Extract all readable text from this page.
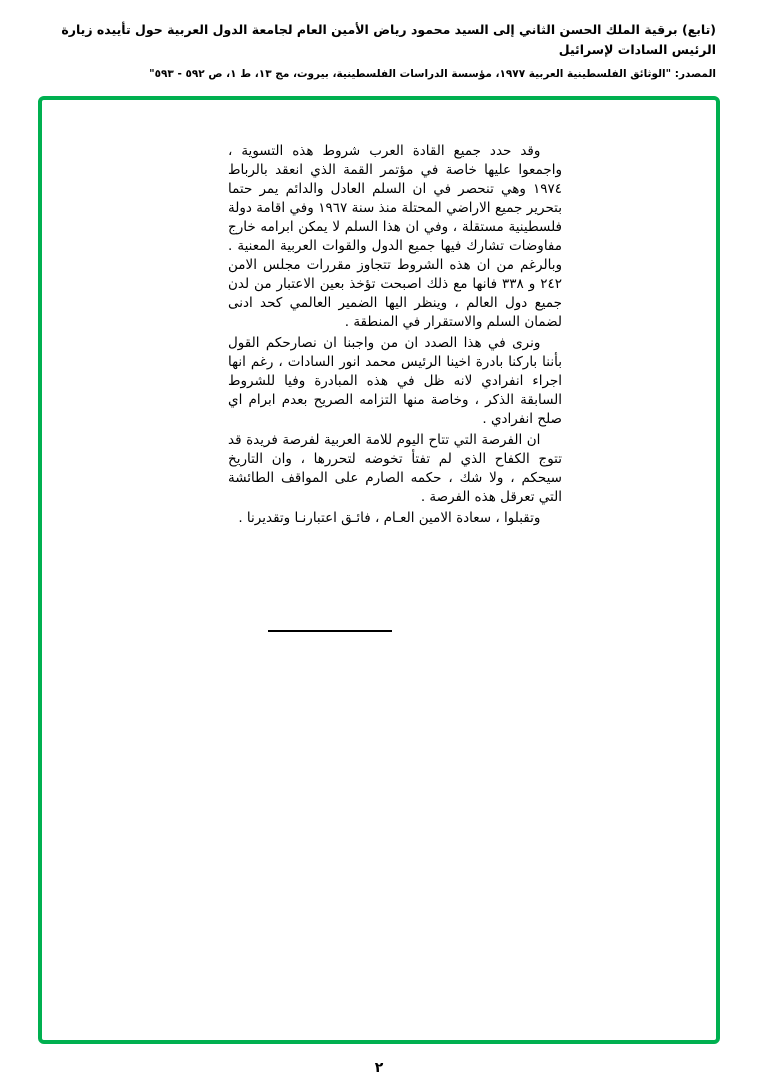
(تابع) برقية الملك الحسن الثاني إلى السيد محمود رياض الأمين العام لجامعة الدول العربية حول تأييده زيارة الرئيس السادات لإسرائيل
المصدر: "الوثائق الفلسطينية العربية ١٩٧٧، مؤسسة الدراسات الفلسطينية، بيروت، مج ١٣، ط ١، ص ٥٩٢ - ٥٩٣"

وقد حدد جميع القادة العرب شروط هذه التسوية ، واجمعوا عليها خاصة في مؤتمر القمة الذي انعقد بالرباط ١٩٧٤ وهي تنحصر في ان السلم العادل والدائم يمر حتما بتحرير جميع الاراضي المحتلة منذ سنة ١٩٦٧ وفي اقامة دولة فلسطينية مستقلة ، وفي ان هذا السلم لا يمكن ابرامه خارج مفاوضات تشارك فيها جميع الدول والقوات العربية المعنية . وبالرغم من ان هذه الشروط تتجاوز مقررات مجلس الامن ٢٤٢ و ٣٣٨ فانها مع ذلك اصبحت تؤخذ بعين الاعتبار من لدن جميع دول العالم ، وينظر اليها الضمير العالمي كحد ادنى لضمان السلم والاستقرار في المنطقة .

ونرى في هذا الصدد ان من واجبنا ان نصارحكم القول بأننا باركنا بادرة اخينا الرئيس محمد انور السادات ، رغم انها اجراء انفرادي لانه ظل في هذه المبادرة وفيا للشروط السابقة الذكر ، وخاصة منها التزامه الصريح بعدم ابرام اي صلح انفرادي .

ان الفرصة التي تتاح اليوم للامة العربية لفرصة فريدة قد تتوج الكفاح الذي لم تفتأ تخوضه لتحررها ، وان التاريخ سيحكم ، ولا شك ، حكمه الصارم على المواقف الطائشة التي تعرقل هذه الفرصة .

وتقبلوا ، سعادة الامين العـام ، فائـق اعتبارنـا وتقديرنا .

٢
